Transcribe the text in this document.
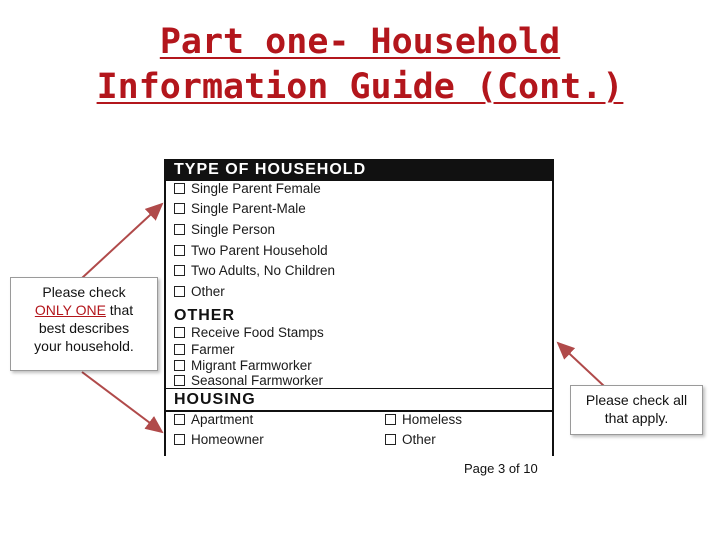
Part one- Household
Information Guide (Cont.)
TYPE OF HOUSEHOLD
Single Parent Female
Single Parent-Male
Single Person
Two Parent Household
Two Adults, No Children
Other
OTHER
Receive Food Stamps
Farmer
Migrant Farmworker
Seasonal Farmworker
HOUSING
Apartment	Homeless
Homeowner	Other
Please check
ONLY ONE that
best describes
your household.
Please check all
that apply.
Page 3 of 10
